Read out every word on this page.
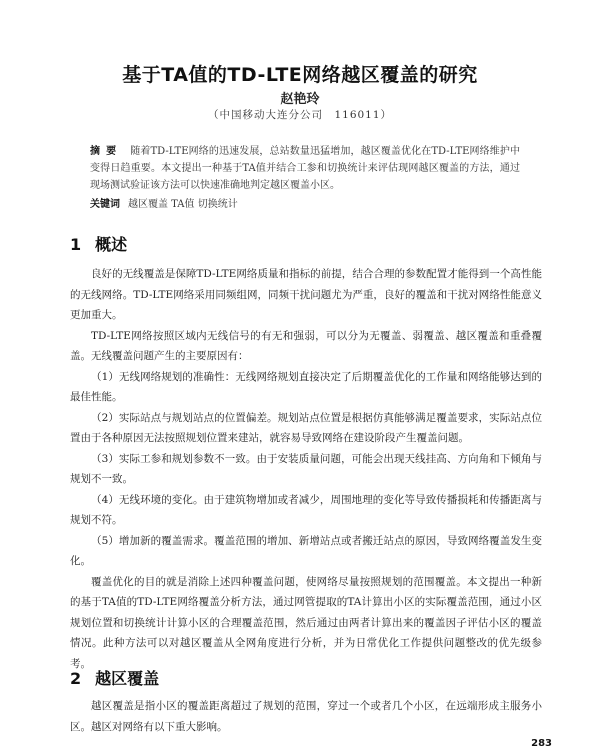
基于TA值的TD-LTE网络越区覆盖的研究
赵艳玲
（中国移动大连分公司　116011）
摘要 随着TD-LTE网络的迅速发展，总站数量迅猛增加，越区覆盖优化在TD-LTE网络维护中变得日趋重要。本文提出一种基于TA值并结合工参和切换统计来评估现网越区覆盖的方法，通过现场测试验证该方法可以快速准确地判定越区覆盖小区。
关键词 越区覆盖 TA值 切换统计
1 概述

良好的无线覆盖是保障TD-LTE网络质量和指标的前提，结合合理的参数配置才能得到一个高性能的无线网络。TD-LTE网络采用同频组网，同频干扰问题尤为严重，良好的覆盖和干扰对网络性能意义更加重大。

TD-LTE网络按照区域内无线信号的有无和强弱，可以分为无覆盖、弱覆盖、越区覆盖和重叠覆盖。无线覆盖问题产生的主要原因有：

（1）无线网络规划的准确性：无线网络规划直接决定了后期覆盖优化的工作量和网络能够达到的最佳性能。

（2）实际站点与规划站点的位置偏差。规划站点位置是根据仿真能够满足覆盖要求，实际站点位置由于各种原因无法按照规划位置来建站，就容易导致网络在建设阶段产生覆盖问题。

（3）实际工参和规划参数不一致。由于安装质量问题，可能会出现天线挂高、方向角和下倾角与规划不一致。

（4）无线环境的变化。由于建筑物增加或者减少，周围地理的变化等导致传播损耗和传播距离与规划不符。

（5）增加新的覆盖需求。覆盖范围的增加、新增站点或者搬迁站点的原因，导致网络覆盖发生变化。

覆盖优化的目的就是消除上述四种覆盖问题，使网络尽量按照规划的范围覆盖。本文提出一种新的基于TA值的TD-LTE网络覆盖分析方法，通过网管提取的TA计算出小区的实际覆盖范围，通过小区规划位置和切换统计计算小区的合理覆盖范围，然后通过由两者计算出来的覆盖因子评估小区的覆盖情况。此种方法可以对越区覆盖从全网角度进行分析，并为日常优化工作提供问题整改的优先级参考。

2 越区覆盖

越区覆盖是指小区的覆盖距离超过了规划的范围，穿过一个或者几个小区，在远端形成主服务小区。越区对网络有以下重大影响。

283
